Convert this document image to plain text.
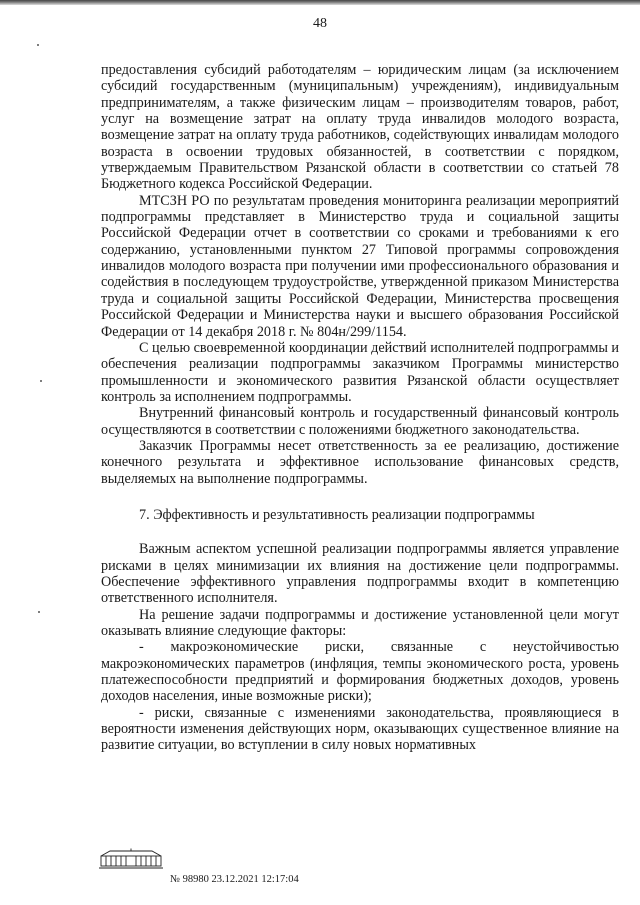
48

предоставления субсидий работодателям – юридическим лицам (за исключением субсидий государственным (муниципальным) учреждениям), индивидуальным предпринимателям, а также физическим лицам – производителям товаров, работ, услуг на возмещение затрат на оплату труда инвалидов молодого возраста, возмещение затрат на оплату труда работников, содействующих инвалидам молодого возраста в освоении трудовых обязанностей, в соответствии с порядком, утверждаемым Правительством Рязанской области в соответствии со статьей 78 Бюджетного кодекса Российской Федерации.

МТСЗН РО по результатам проведения мониторинга реализации мероприятий подпрограммы представляет в Министерство труда и социальной защиты Российской Федерации отчет в соответствии со сроками и требованиями к его содержанию, установленными пунктом 27 Типовой программы сопровождения инвалидов молодого возраста при получении ими профессионального образования и содействия в последующем трудоустройстве, утвержденной приказом Министерства труда и социальной защиты Российской Федерации, Министерства просвещения Российской Федерации и Министерства науки и высшего образования Российской Федерации от 14 декабря 2018 г. № 804н/299/1154.

С целью своевременной координации действий исполнителей подпрограммы и обеспечения реализации подпрограммы заказчиком Программы министерство промышленности и экономического развития Рязанской области осуществляет контроль за исполнением подпрограммы.

Внутренний финансовый контроль и государственный финансовый контроль осуществляются в соответствии с положениями бюджетного законодательства.

Заказчик Программы несет ответственность за ее реализацию, достижение конечного результата и эффективное использование финансовых средств, выделяемых на выполнение подпрограммы.

7. Эффективность и результативность реализации подпрограммы

Важным аспектом успешной реализации подпрограммы является управление рисками в целях минимизации их влияния на достижение цели подпрограммы. Обеспечение эффективного управления подпрограммы входит в компетенцию ответственного исполнителя.

На решение задачи подпрограммы и достижение установленной цели могут оказывать влияние следующие факторы:

- макроэкономические риски, связанные с неустойчивостью макроэкономических параметров (инфляция, темпы экономического роста, уровень платежеспособности предприятий и формирования бюджетных доходов, уровень доходов населения, иные возможные риски);

- риски, связанные с изменениями законодательства, проявляющиеся в вероятности изменения действующих норм, оказывающих существенное влияние на развитие ситуации, во вступлении в силу новых нормативных

№ 98980 23.12.2021 12:17:04
